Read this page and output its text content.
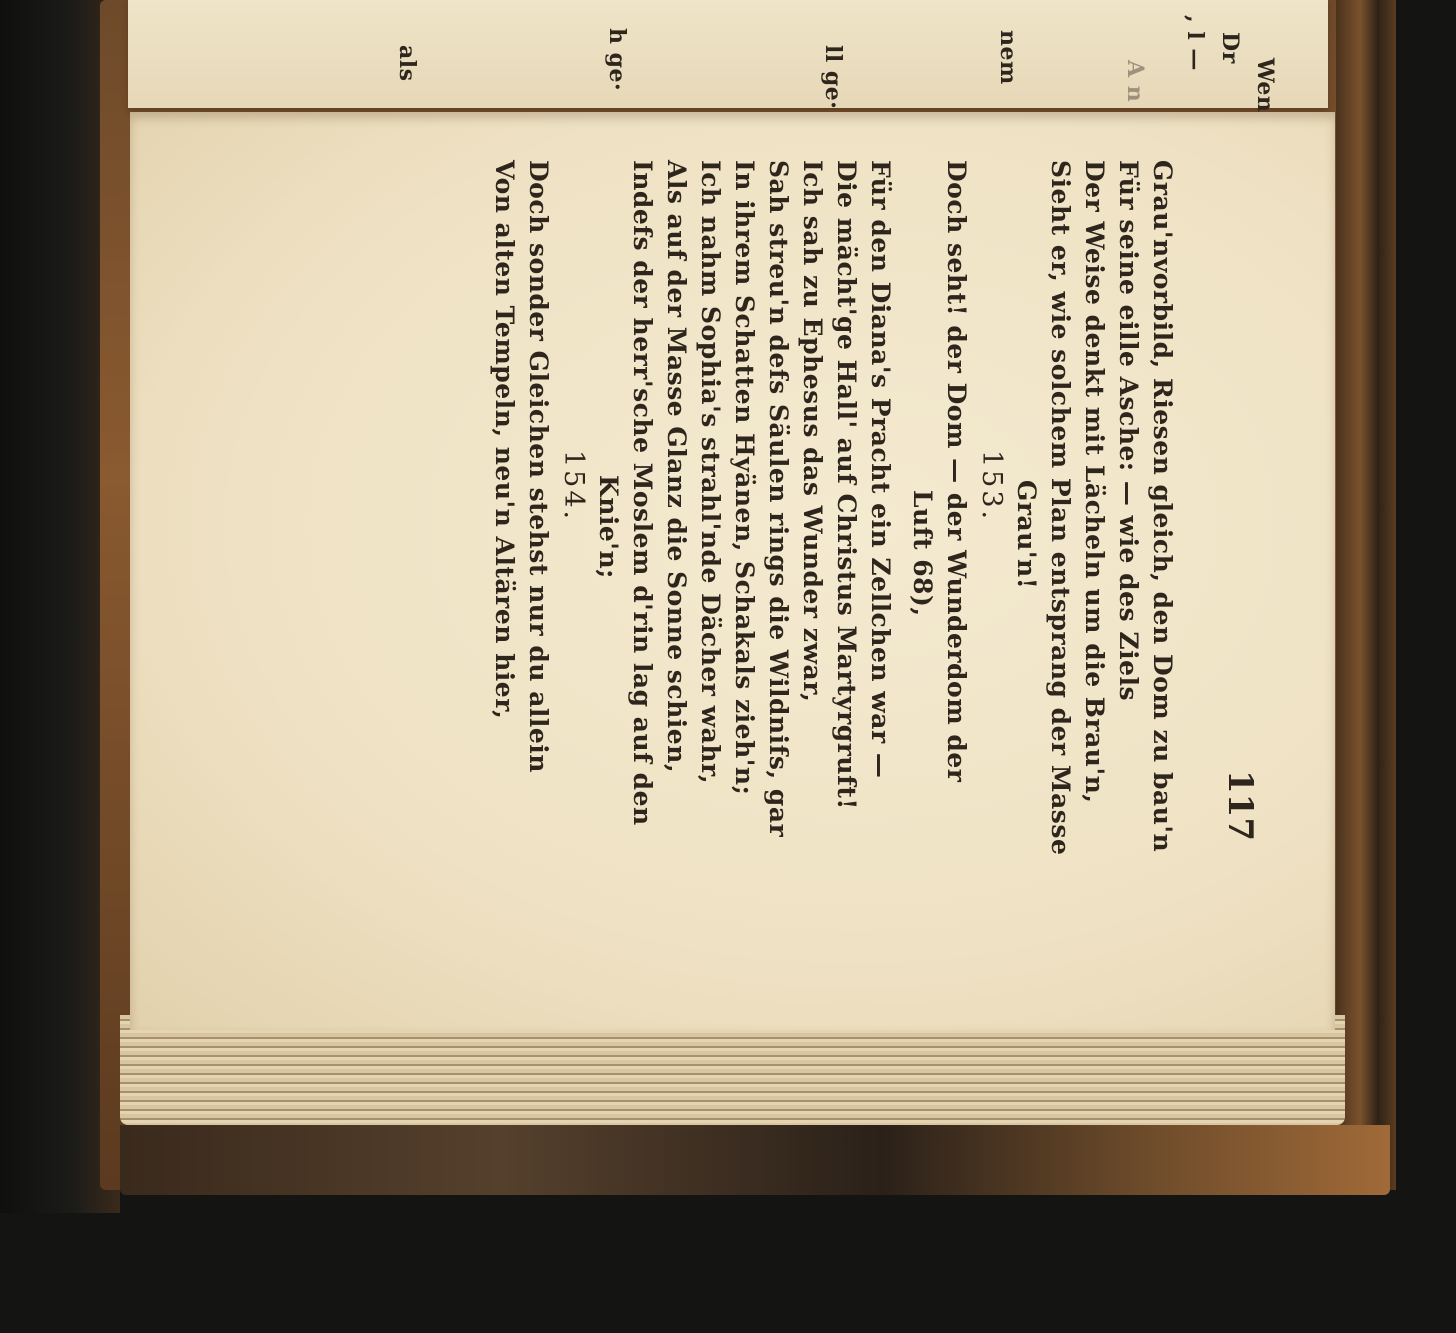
Wen
Dr
, l —
A n
ll ge·	nem
h ge·
als
117
Grau'nvorbild, Riesen gleich, den Dom zu bau'n
Für seine eille Asche: — wie des Ziels
Der Weise denkt mit Lächeln um die Brau'n,
Sieht er, wie solchem Plan entsprang der Masse
Grau'n!
153.
Doch seht! der Dom — der Wunderdom der
Luft 68),
Für den Diana's Pracht ein Zellchen war —
Die mächt'ge Hall' auf Christus Martyrgruft!
Ich sah zu Ephesus das Wunder zwar,
Sah streu'n defs Säulen rings die Wildnifs, gar
In ihrem Schatten Hyänen, Schakals zieh'n;
Ich nahm Sophia's strahl'nde Dächer wahr,
Als auf der Masse Glanz die Sonne schien,
Indefs der herr'sche Moslem d'rin lag auf den
Knie'n;
154.
Doch sonder Gleichen stehst nur du allein
Von alten Tempeln, neu'n Altären hier,
